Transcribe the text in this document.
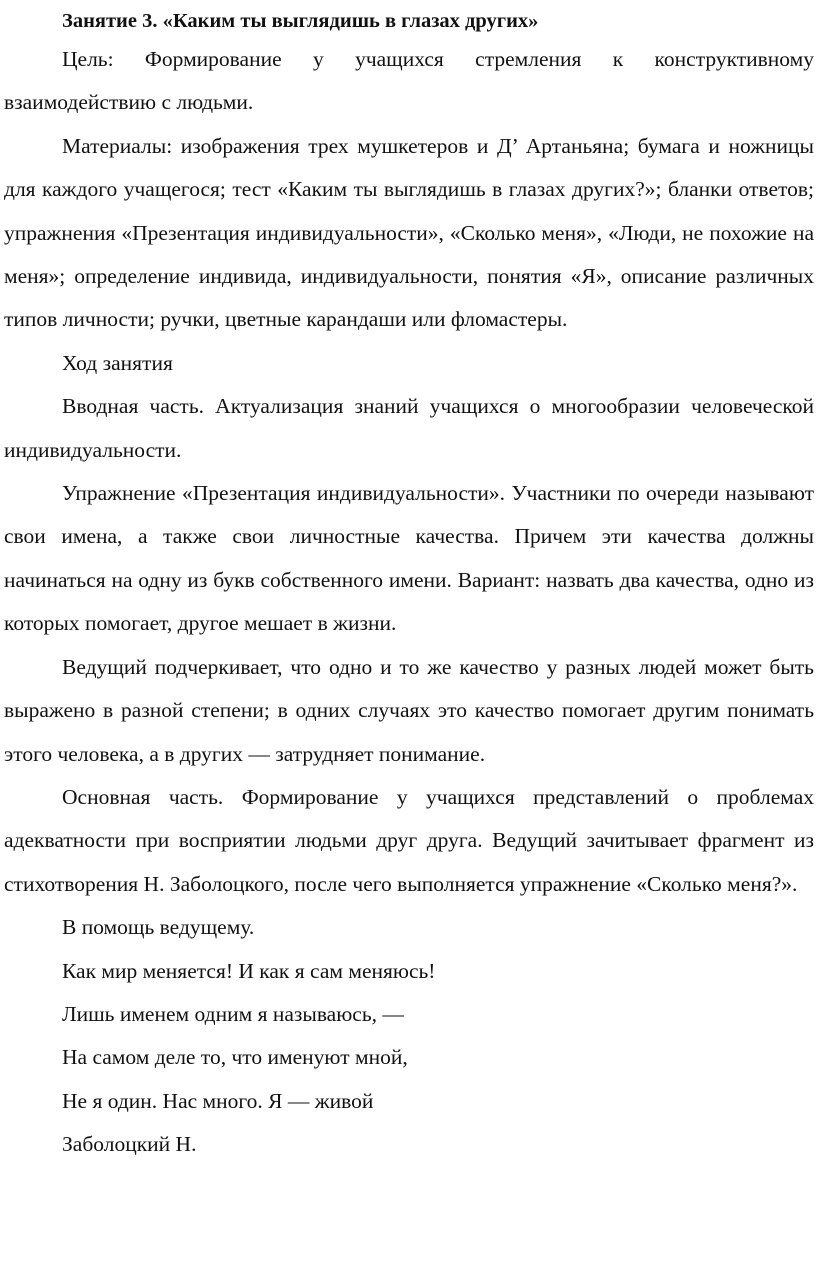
Занятие 3. «Каким ты выглядишь в глазах других»

Цель: Формирование у учащихся стремления к конструктивному взаимодействию с людьми.

Материалы: изображения трех мушкетеров и Д’ Артаньяна; бумага и ножницы для каждого учащегося; тест «Каким ты выглядишь в глазах других?»; бланки ответов; упражнения «Презентация индивидуальности», «Сколько меня», «Люди, не похожие на меня»; определение индивида, индивидуальности, понятия «Я», описание различных типов личности; ручки, цветные карандаши или фломастеры.

Ход занятия

Вводная часть. Актуализация знаний учащихся о многообразии человеческой индивидуальности.

Упражнение «Презентация индивидуальности». Участники по очереди называют свои имена, а также свои личностные качества. Причем эти качества должны начинаться на одну из букв собственного имени. Вариант: назвать два качества, одно из которых помогает, другое мешает в жизни.

Ведущий подчеркивает, что одно и то же качество у разных людей может быть выражено в разной степени; в одних случаях это качество помогает другим понимать этого человека, а в других — затрудняет понимание.

Основная часть. Формирование у учащихся представлений о проблемах адекватности при восприятии людьми друг друга. Ведущий зачитывает фрагмент из стихотворения Н. Заболоцкого, после чего выполняется упражнение «Сколько меня?».

В помощь ведущему.

Как мир меняется! И как я сам меняюсь!

Лишь именем одним я называюсь, —

На самом деле то, что именуют мной,

Не я один. Нас много. Я — живой

Заболоцкий Н.
